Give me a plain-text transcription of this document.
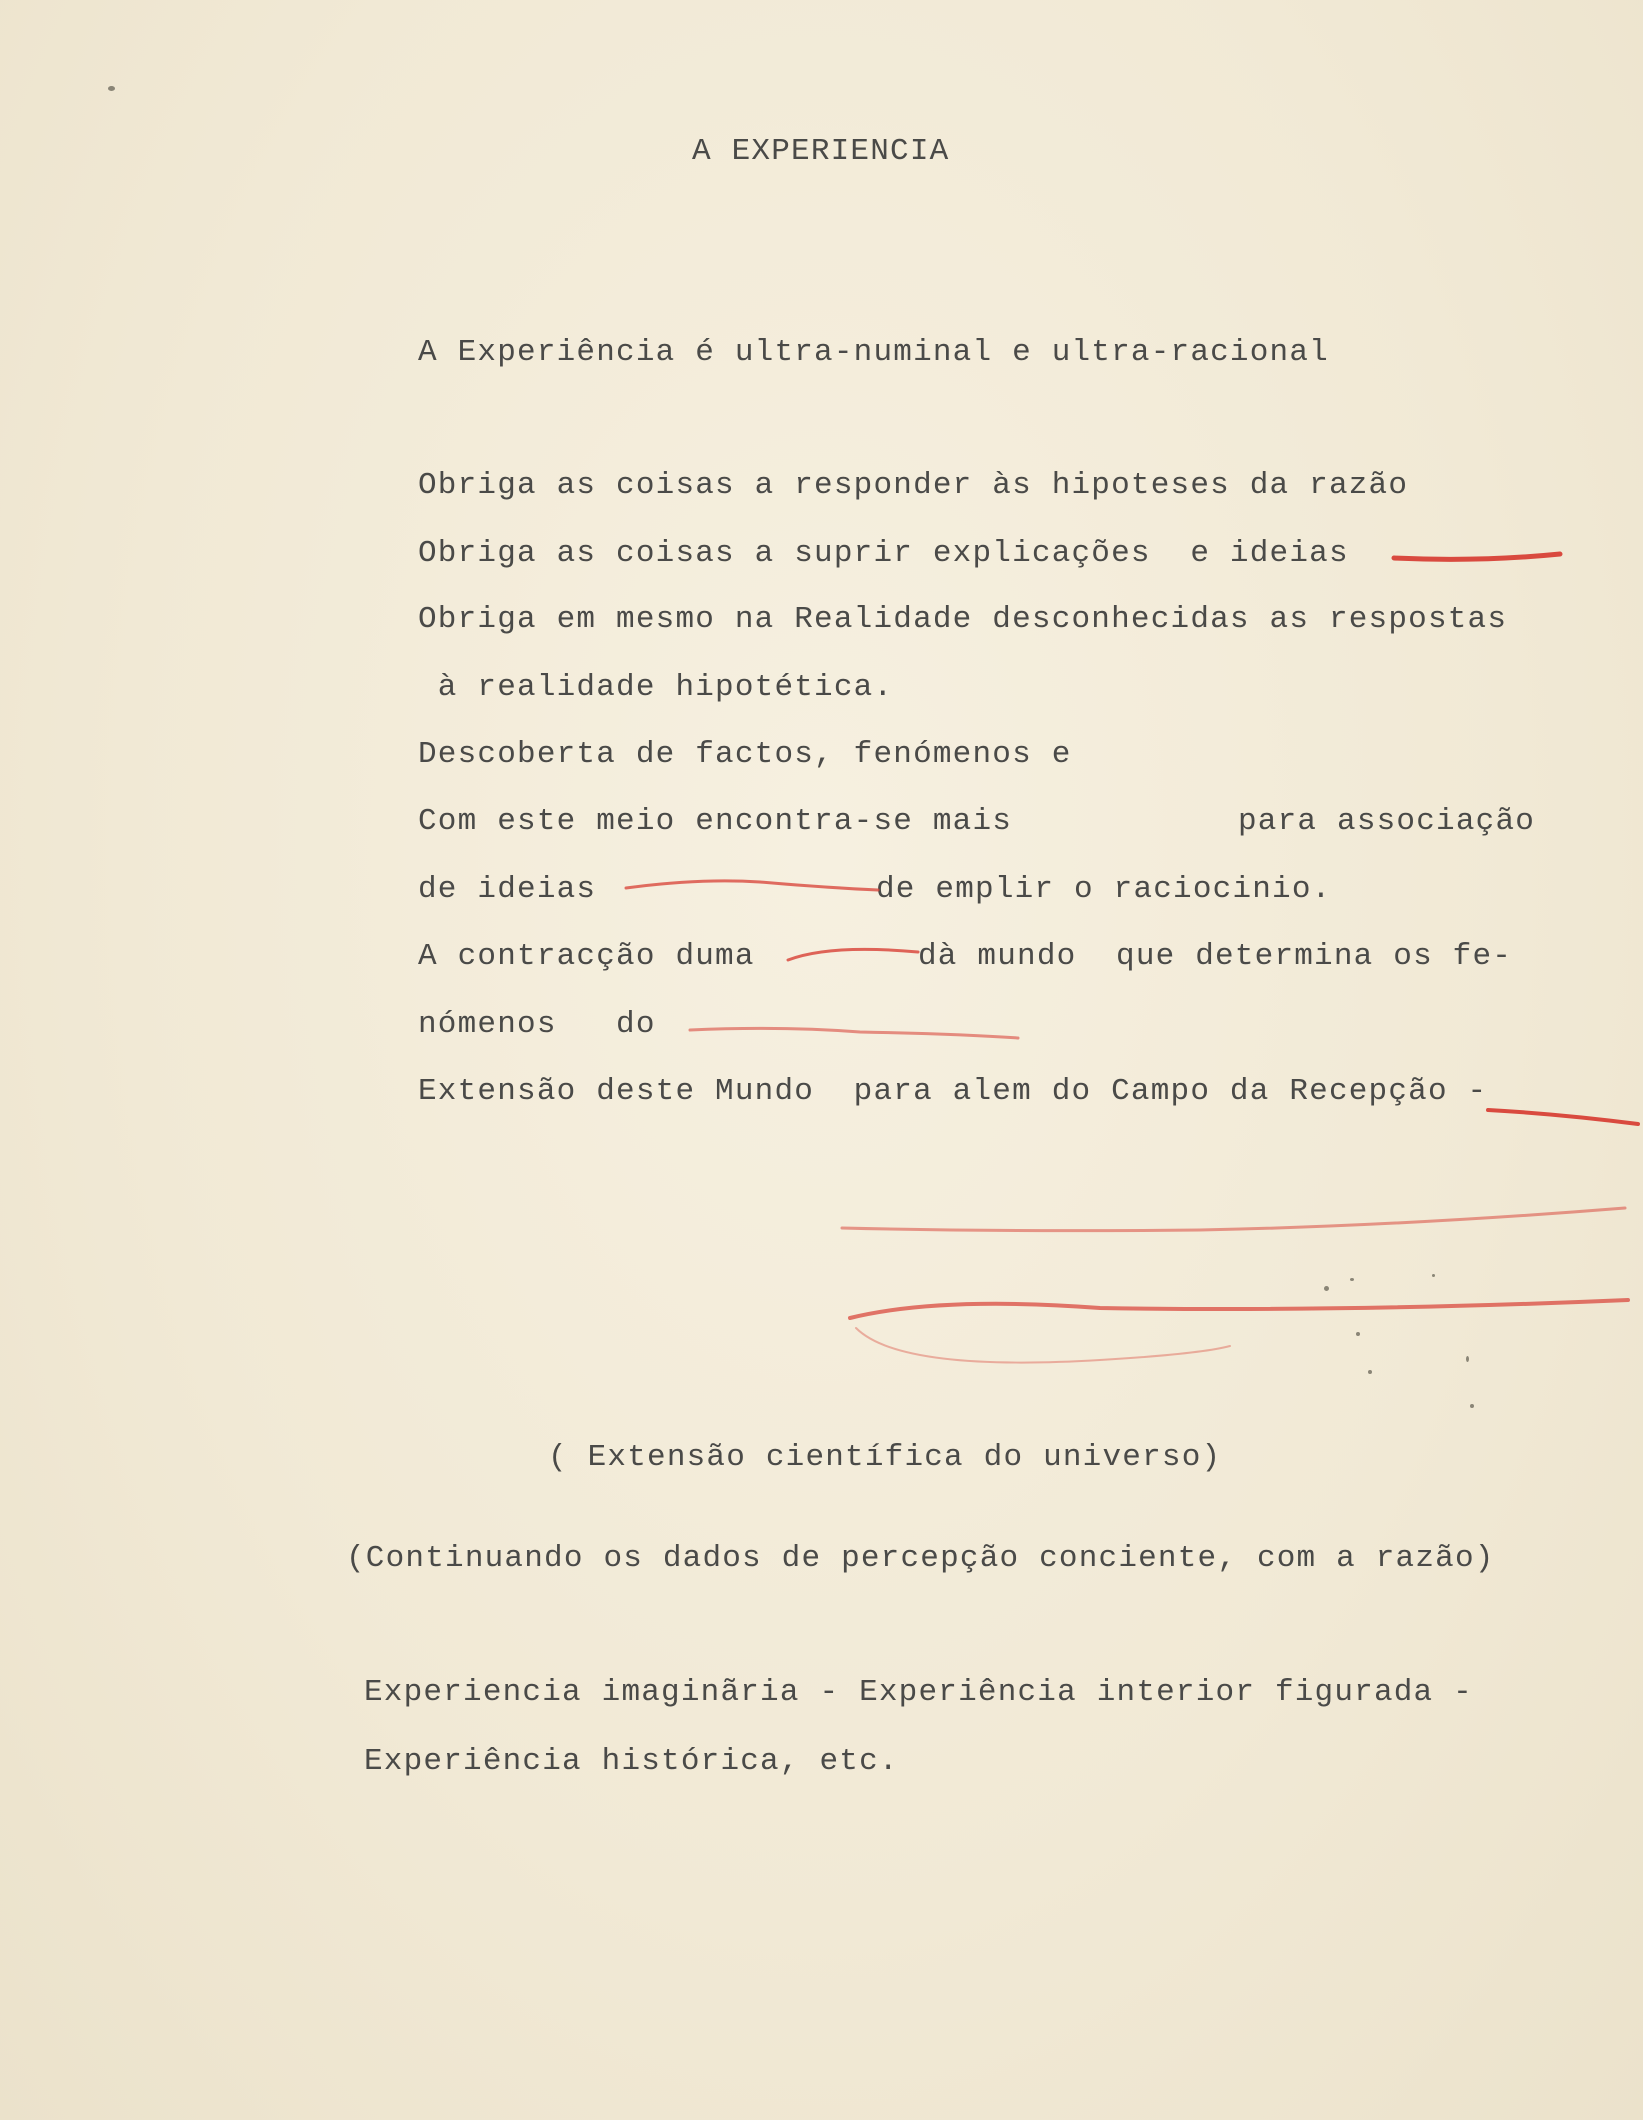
A EXPERIENCIA
A Experiência é ultra-numinal e ultra-racional
Obriga as coisas a responder às hipoteses da razão
Obriga as coisas a suprir explicações  e ideias
Obriga em mesmo na Realidade desconhecidas as respostas
à realidade hipotética.
Descoberta de factos, fenómenos e
Com este meio encontra-se mais	para associação
de ideias	de emplir o raciocinio.
A contracção duma	dà mundo  que determina os fe-
nómenos   do
Extensão deste Mundo  para alem do Campo da Recepção -
( Extensão científica do universo)
(Continuando os dados de percepção conciente, com a razão)
Experiencia imaginãria - Experiência interior figurada -
Experiência histórica, etc.
